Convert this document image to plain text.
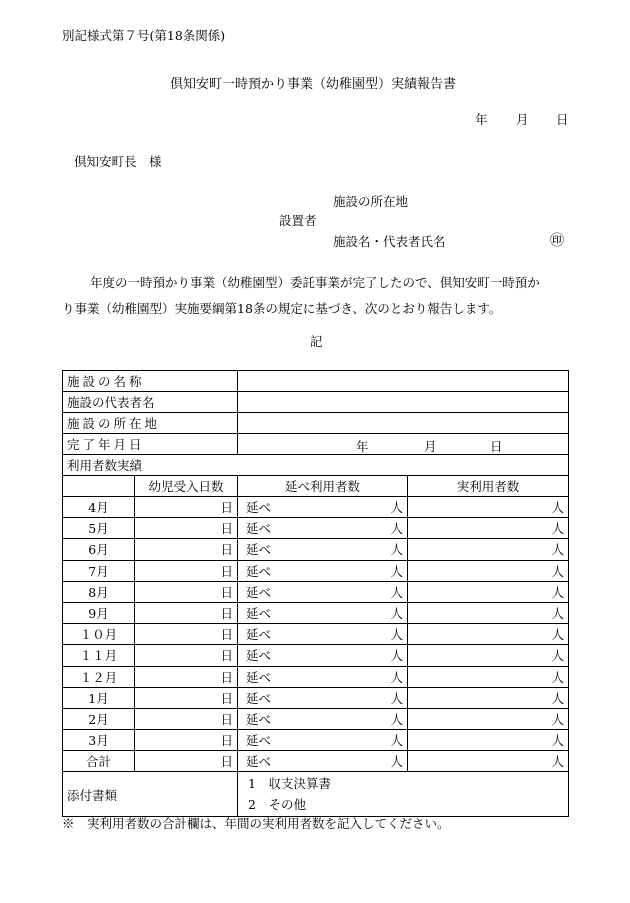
別記様式第７号(第18条関係)
倶知安町一時預かり事業（幼稚園型）実績報告書
年 月 日
倶知安町長　様
施設の所在地
設置者
施設名・代表者氏名	㊞
年度の一時預かり事業（幼稚園型）委託事業が完了したので、倶知安町一時預か
り事業（幼稚園型）実施要綱第18条の規定に基づき、次のとおり報告します。
記
施設の名称				
施設の代表者名				
施設の所在地				
完了年月日		年 月 日		

利用者数実績				
	幼児受入日数	延べ利用者数		実利用者数
4月	日	延べ	人	人
5月	日	延べ	人	人
6月	日	延べ	人	人
7月	日	延べ	人	人
8月	日	延べ	人	人
9月	日	延べ	人	人
１０月	日	延べ	人	人
１１月	日	延べ	人	人
１２月	日	延べ	人	人
1月	日	延べ	人	人
2月	日	延べ	人	人
3月	日	延べ	人	人
合計	日	延べ	人	人
添付書類		1　収支決算書
2　その他		
※　実利用者数の合計欄は、年間の実利用者数を記入してください。
